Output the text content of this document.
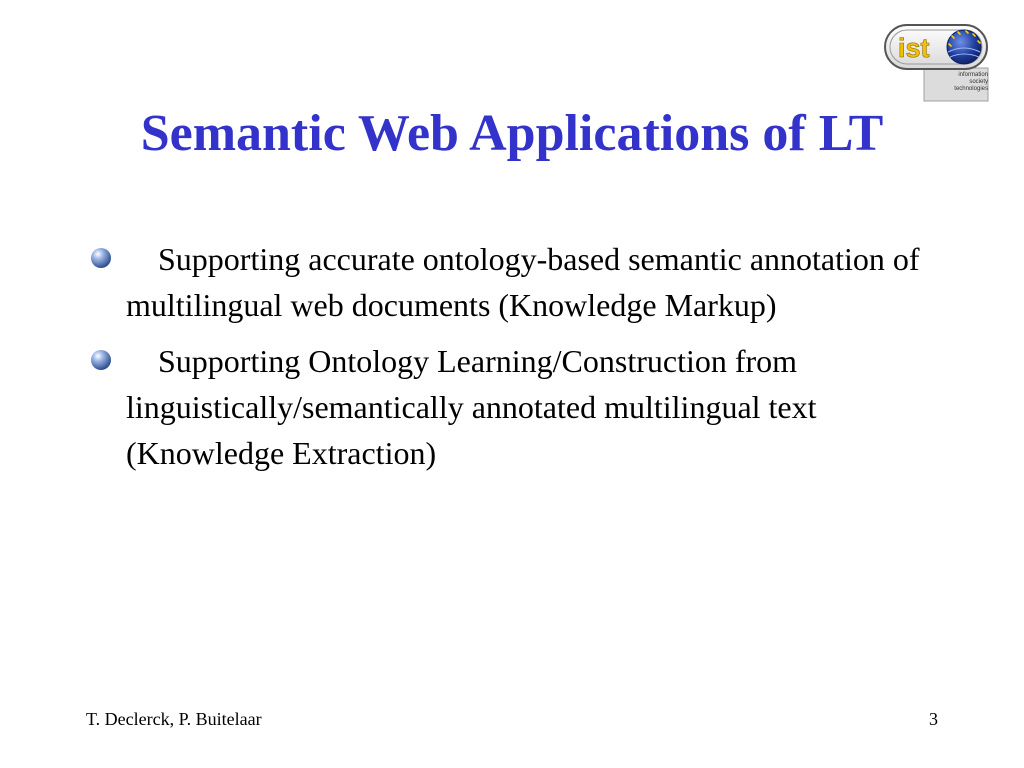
ist
information
society
technologies
Semantic Web Applications of LT
Supporting accurate ontology-based semantic annotation of multilingual web documents (Knowledge Markup)
Supporting Ontology Learning/Construction from linguistically/semantically annotated multilingual text (Knowledge Extraction)
T. Declerck, P. Buitelaar	3
